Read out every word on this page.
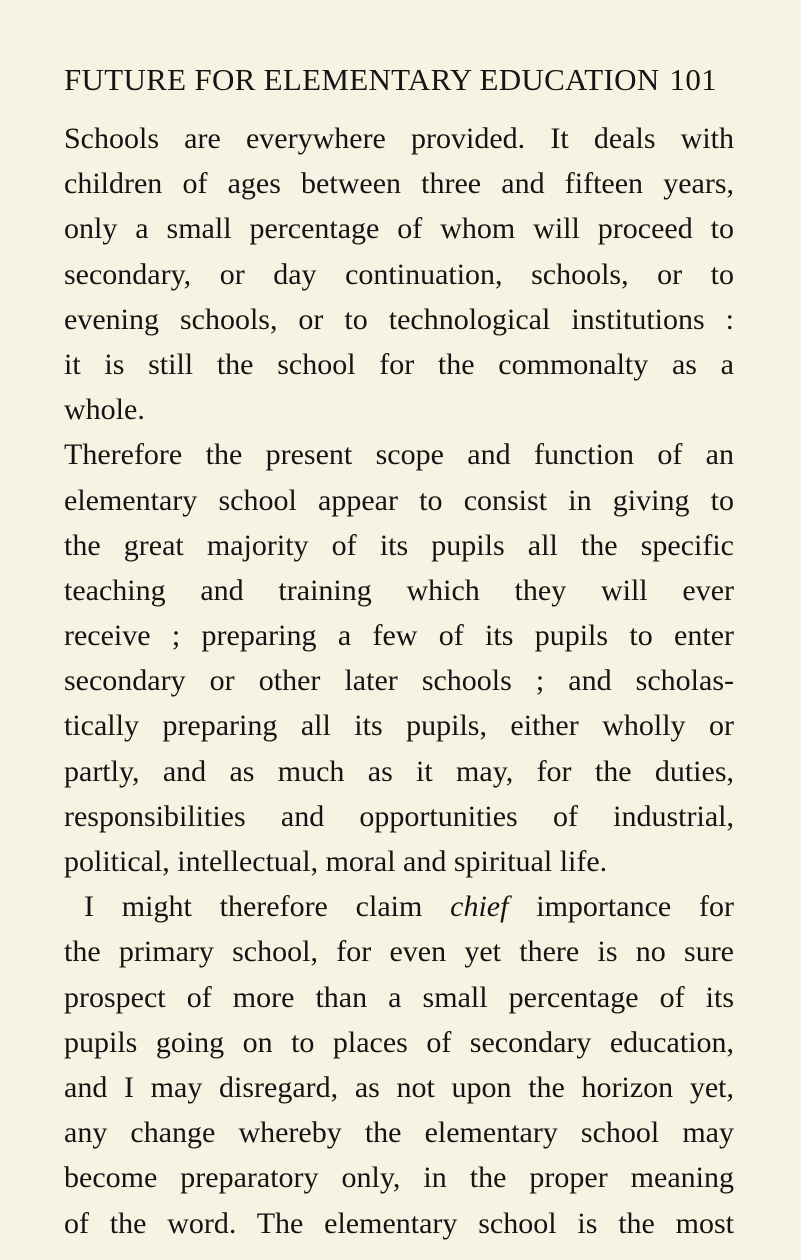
FUTURE FOR ELEMENTARY EDUCATION 101
Schools are everywhere provided. It deals with
children of ages between three and fifteen years,
only a small percentage of whom will proceed to
secondary, or day continuation, schools, or to
evening schools, or to technological institutions :
it is still the school for the commonalty as a
whole.
Therefore the present scope and function of an
elementary school appear to consist in giving to
the great majority of its pupils all the specific
teaching and training which they will ever
receive ; preparing a few of its pupils to enter
secondary or other later schools ; and scholas-
tically preparing all its pupils, either wholly or
partly, and as much as it may, for the duties,
responsibilities and opportunities of industrial,
political, intellectual, moral and spiritual life.
I might therefore claim chief importance for
the primary school, for even yet there is no sure
prospect of more than a small percentage of its
pupils going on to places of secondary education,
and I may disregard, as not upon the horizon yet,
any change whereby the elementary school may
become preparatory only, in the proper meaning
of the word. The elementary school is the most
